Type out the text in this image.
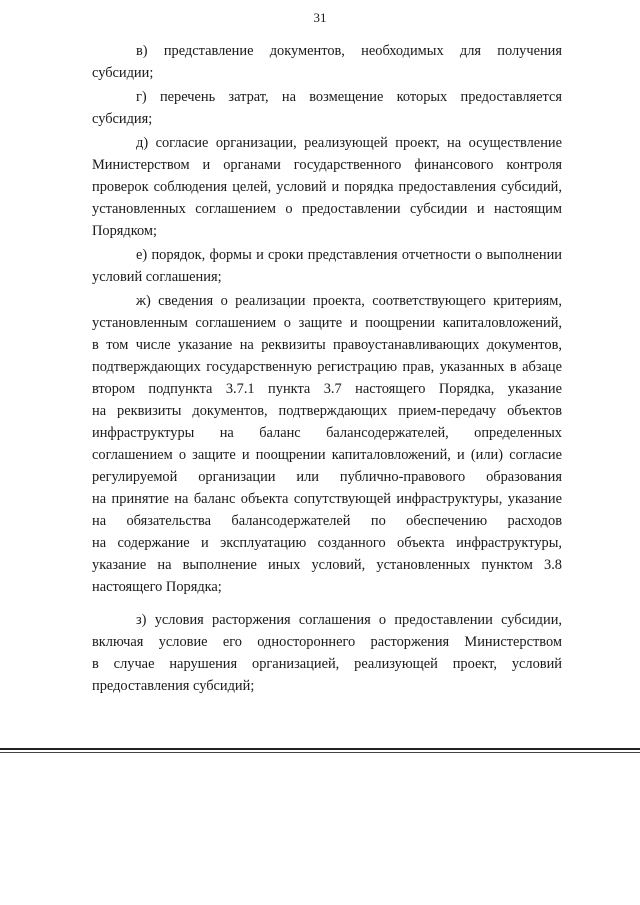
31
в) представление документов, необходимых для получения
субсидии;
г) перечень затрат, на возмещение которых предоставляется
субсидия;
д) согласие организации, реализующей проект, на осуществление
Министерством и органами государственного финансового контроля
проверок соблюдения целей, условий и порядка предоставления субсидий,
установленных соглашением о предоставлении субсидии и настоящим
Порядком;
е) порядок, формы и сроки представления отчетности о выполнении
условий соглашения;
ж) сведения о реализации проекта, соответствующего критериям,
установленным соглашением о защите и поощрении капиталовложений,
в том числе указание на реквизиты правоустанавливающих документов,
подтверждающих государственную регистрацию прав, указанных в абзаце
втором подпункта 3.7.1 пункта 3.7 настоящего Порядка, указание
на реквизиты документов, подтверждающих прием-передачу объектов
инфраструктуры на баланс балансодержателей, определенных
соглашением о защите и поощрении капиталовложений, и (или) согласие
регулируемой организации или публично-правового образования
на принятие на баланс объекта сопутствующей инфраструктуры, указание
на обязательства балансодержателей по обеспечению расходов
на содержание и эксплуатацию созданного объекта инфраструктуры,
указание на выполнение иных условий, установленных пунктом 3.8
настоящего Порядка;
з) условия расторжения соглашения о предоставлении субсидии,
включая условие его одностороннего расторжения Министерством
в случае нарушения организацией, реализующей проект, условий
предоставления субсидий;
